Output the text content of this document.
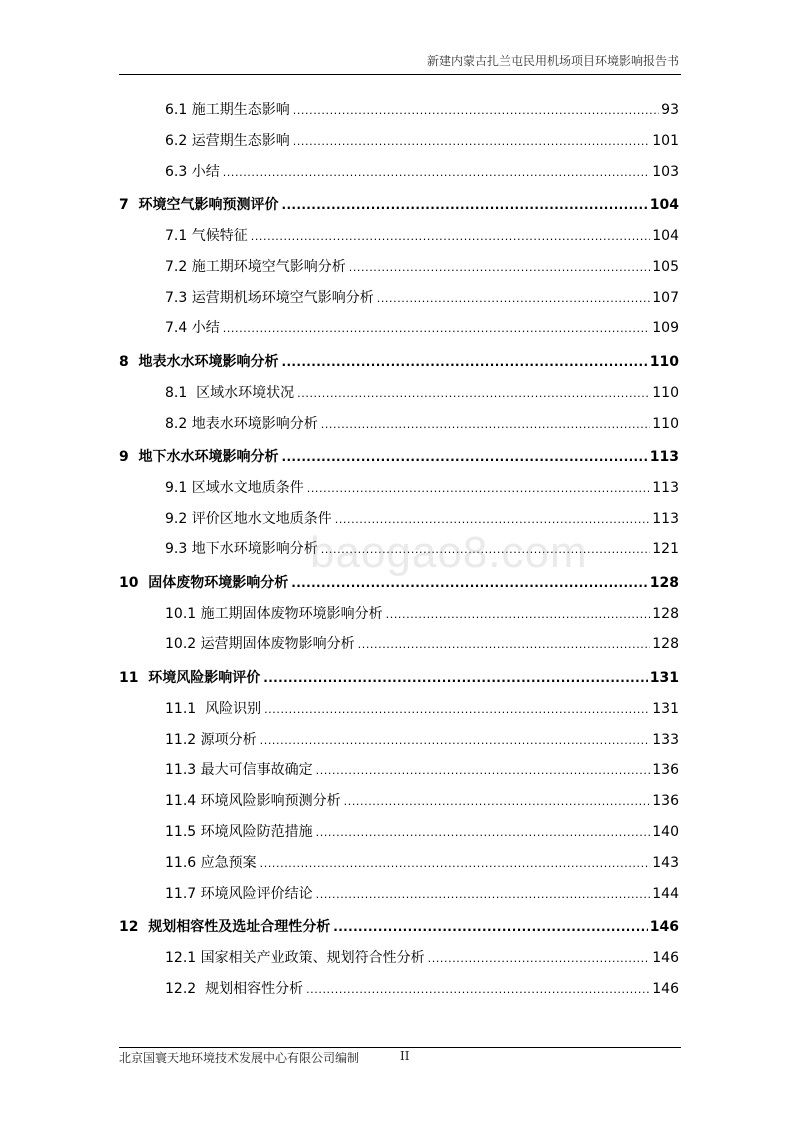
新建内蒙古扎兰屯民用机场项目环境影响报告书
6.1 施工期生态影响 .....	93
6.2 运营期生态影响 .....	101
6.3 小结 .....	103
7 环境空气影响预测评价 .....	104
7.1 气候特征 .....	104
7.2 施工期环境空气影响分析 .....	105
7.3 运营期机场环境空气影响分析 .....	107
7.4 小结 .....	109
8 地表水水环境影响分析 .....	110
8.1  区域水环境状况 .....	110
8.2 地表水环境影响分析 .....	110
9 地下水水环境影响分析 .....	113
9.1 区域水文地质条件 .....	113
9.2 评价区地水文地质条件 .....	113
9.3 地下水环境影响分析 .....	121
10 固体废物环境影响分析 .....	128
10.1 施工期固体废物环境影响分析 .....	128
10.2 运营期固体废物影响分析 .....	128
11 环境风险影响评价 .....	131
11.1  风险识别 .....	131
11.2 源项分析 .....	133
11.3 最大可信事故确定 .....	136
11.4 环境风险影响预测分析 .....	136
11.5 环境风险防范措施 .....	140
11.6 应急预案 .....	143
11.7 环境风险评价结论 .....	144
12 规划相容性及选址合理性分析 .....	146
12.1 国家相关产业政策、规划符合性分析 .....	146
12.2  规划相容性分析 .....	146
baogao8.com
北京国寰天地环境技术发展中心有限公司编制	II
